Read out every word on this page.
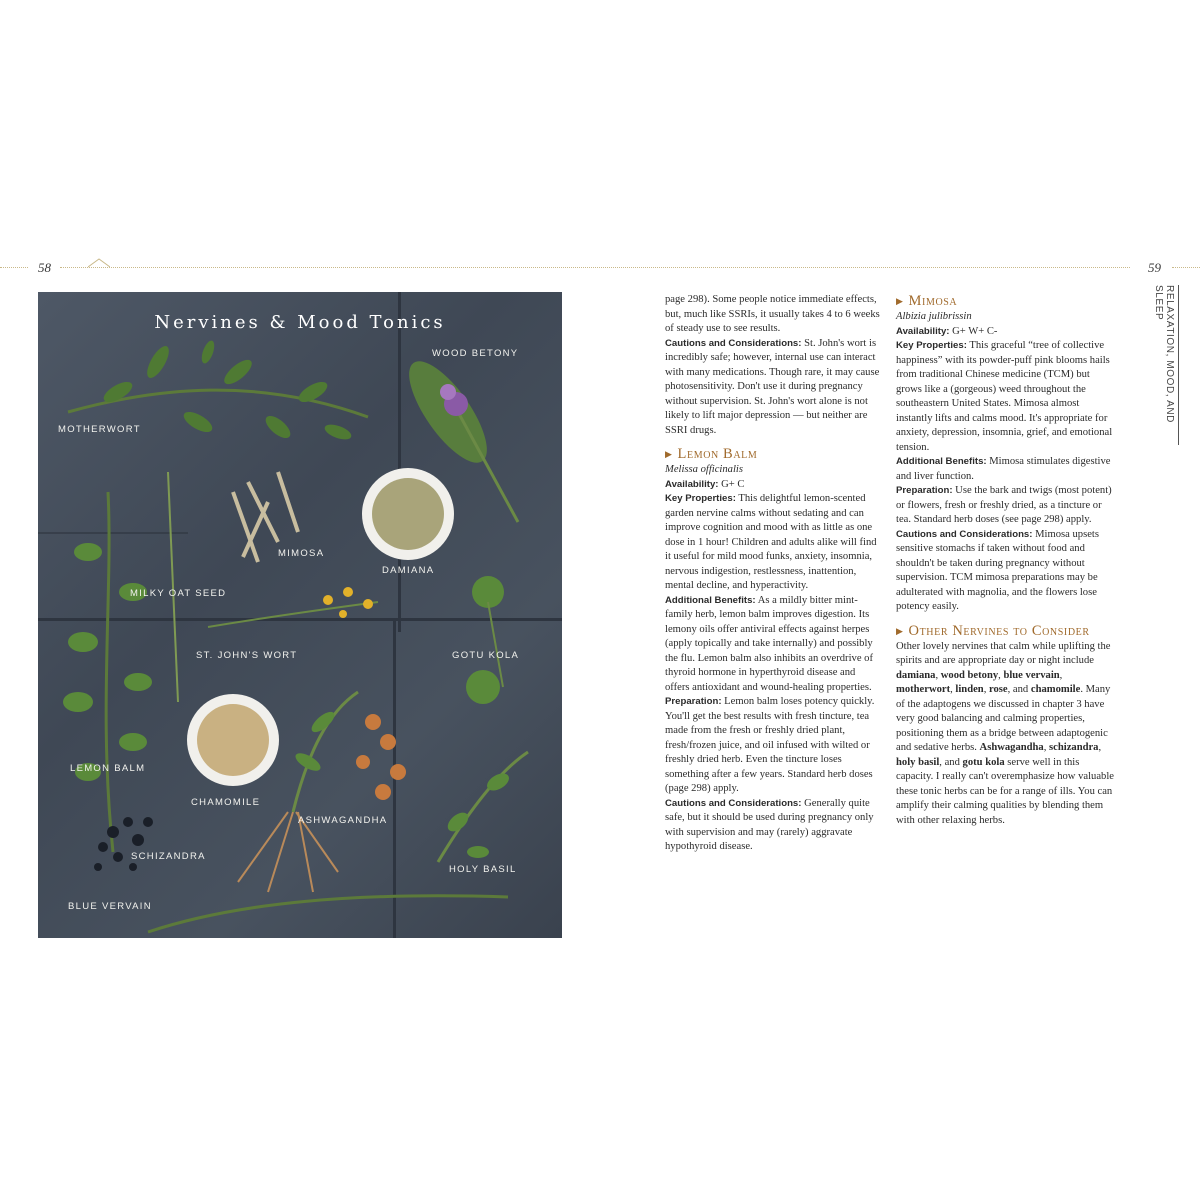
58	59
RELAXATION, MOOD, AND SLEEP
Nervines & Mood Tonics
WOOD BETONY
MOTHERWORT
MIMOSA
DAMIANA
MILKY OAT SEED
ST. JOHN'S WORT	GOTU KOLA
LEMON BALM
CHAMOMILE
ASHWAGANDHA
SCHIZANDRA
HOLY BASIL
BLUE VERVAIN

page 298). Some people notice immediate effects, but, much like SSRIs, it usually takes 4 to 6 weeks of steady use to see results.

Cautions and Considerations: St. John's wort is incredibly safe; however, internal use can interact with many medications. Though rare, it may cause photosensitivity. Don't use it during pregnancy without supervision. St. John's wort alone is not likely to lift major depression — but neither are SSRI drugs.

▶ Lemon Balm

Melissa officinalis

Availability: G+ C

Key Properties: This delightful lemon-scented garden nervine calms without sedating and can improve cognition and mood with as little as one dose in 1 hour! Children and adults alike will find it useful for mild mood funks, anxiety, insomnia, nervous indigestion, restlessness, inattention, mental decline, and hyperactivity.

Additional Benefits: As a mildly bitter mint-family herb, lemon balm improves digestion. Its lemony oils offer antiviral effects against herpes (apply topically and take internally) and possibly the flu. Lemon balm also inhibits an overdrive of thyroid hormone in hyperthyroid disease and offers antioxidant and wound-healing properties.

Preparation: Lemon balm loses potency quickly. You'll get the best results with fresh tincture, tea made from the fresh or freshly dried plant, fresh/frozen juice, and oil infused with wilted or freshly dried herb. Even the tincture loses something after a few years. Standard herb doses (page 298) apply.

Cautions and Considerations: Generally quite safe, but it should be used during pregnancy only with supervision and may (rarely) aggravate hypothyroid disease.

▶ Mimosa

Albizia julibrissin

Availability: G+ W+ C-

Key Properties: This graceful “tree of collective happiness” with its powder-puff pink blooms hails from traditional Chinese medicine (TCM) but grows like a (gorgeous) weed throughout the southeastern United States. Mimosa almost instantly lifts and calms mood. It's appropriate for anxiety, depression, insomnia, grief, and emotional tension.

Additional Benefits: Mimosa stimulates digestive and liver function.

Preparation: Use the bark and twigs (most potent) or flowers, fresh or freshly dried, as a tincture or tea. Standard herb doses (see page 298) apply.

Cautions and Considerations: Mimosa upsets sensitive stomachs if taken without food and shouldn't be taken during pregnancy without supervision. TCM mimosa preparations may be adulterated with magnolia, and the flowers lose potency easily.

▶ Other Nervines to Consider

Other lovely nervines that calm while uplifting the spirits and are appropriate day or night include damiana, wood betony, blue vervain, motherwort, linden, rose, and chamomile. Many of the adaptogens we discussed in chapter 3 have very good balancing and calming properties, positioning them as a bridge between adaptogenic and sedative herbs. Ashwagandha, schizandra, holy basil, and gotu kola serve well in this capacity. I really can't overemphasize how valuable these tonic herbs can be for a range of ills. You can amplify their calming qualities by blending them with other relaxing herbs.
